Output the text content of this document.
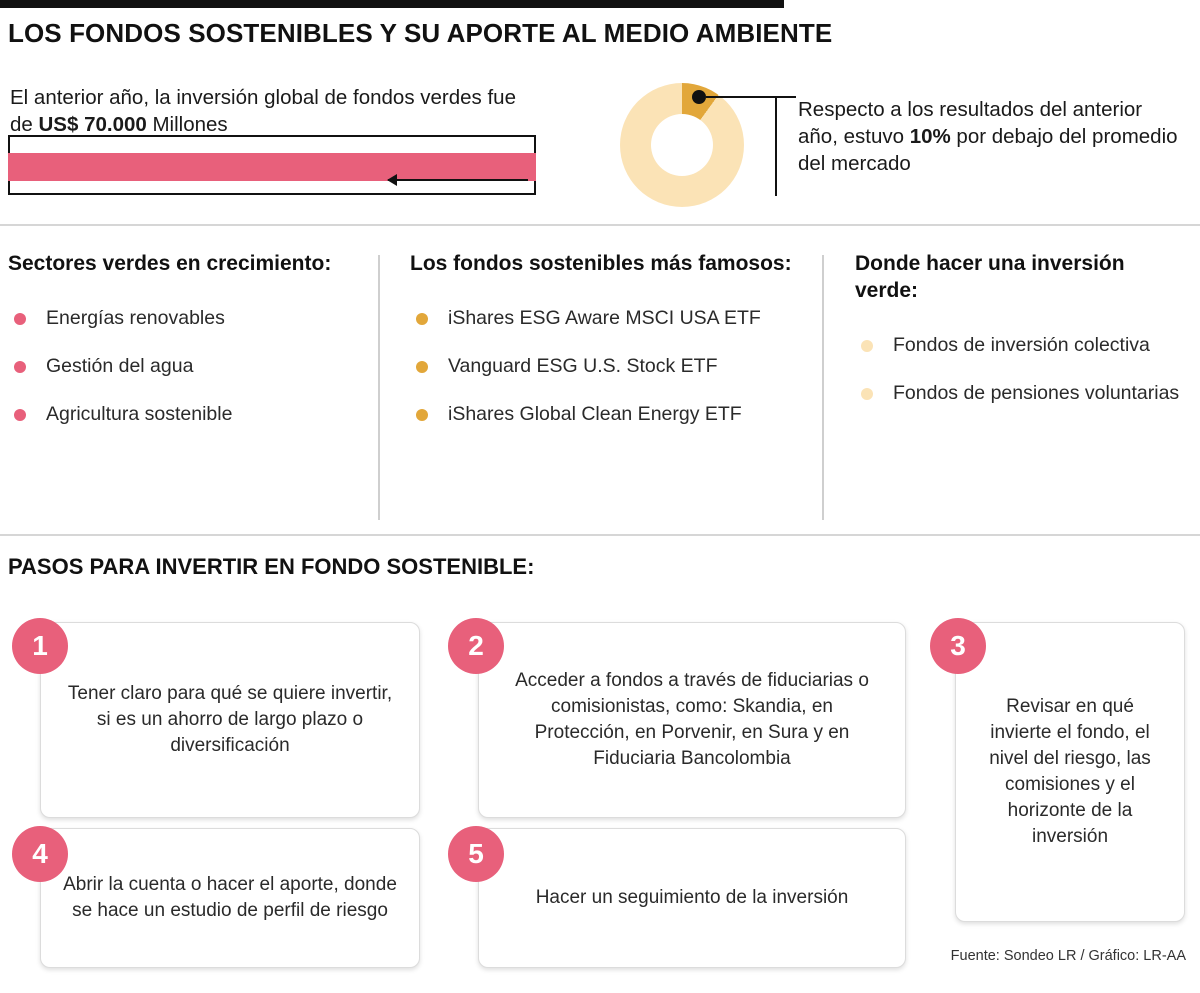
LOS FONDOS SOSTENIBLES Y SU APORTE AL MEDIO AMBIENTE
El anterior año, la inversión global de fondos verdes fue de US$ 70.000 Millones
Respecto a los resultados del anterior año, estuvo 10% por debajo del promedio del mercado
Sectores verdes en crecimiento:
Energías renovables
Gestión del agua
Agricultura sostenible
Los fondos sostenibles más famosos:
iShares ESG Aware MSCI USA ETF
Vanguard ESG U.S. Stock ETF
iShares Global Clean Energy ETF
Donde hacer una inversión verde:
Fondos de inversión colectiva
Fondos de pensiones voluntarias
PASOS PARA INVERTIR EN FONDO SOSTENIBLE:
Tener claro para qué se quiere invertir, si es un ahorro de largo plazo o diversificación
1
Acceder a fondos a través de fiduciarias o comisionistas, como: Skandia, en Protección, en Porvenir, en Sura y en Fiduciaria Bancolombia
2
Revisar en qué invierte el fondo, el nivel del riesgo, las comisiones y el horizonte de la inversión
3
Abrir la cuenta o hacer el aporte, donde se hace un estudio de perfil de riesgo
4
Hacer un seguimiento de la inversión
5
Fuente: Sondeo LR / Gráfico: LR-AA
